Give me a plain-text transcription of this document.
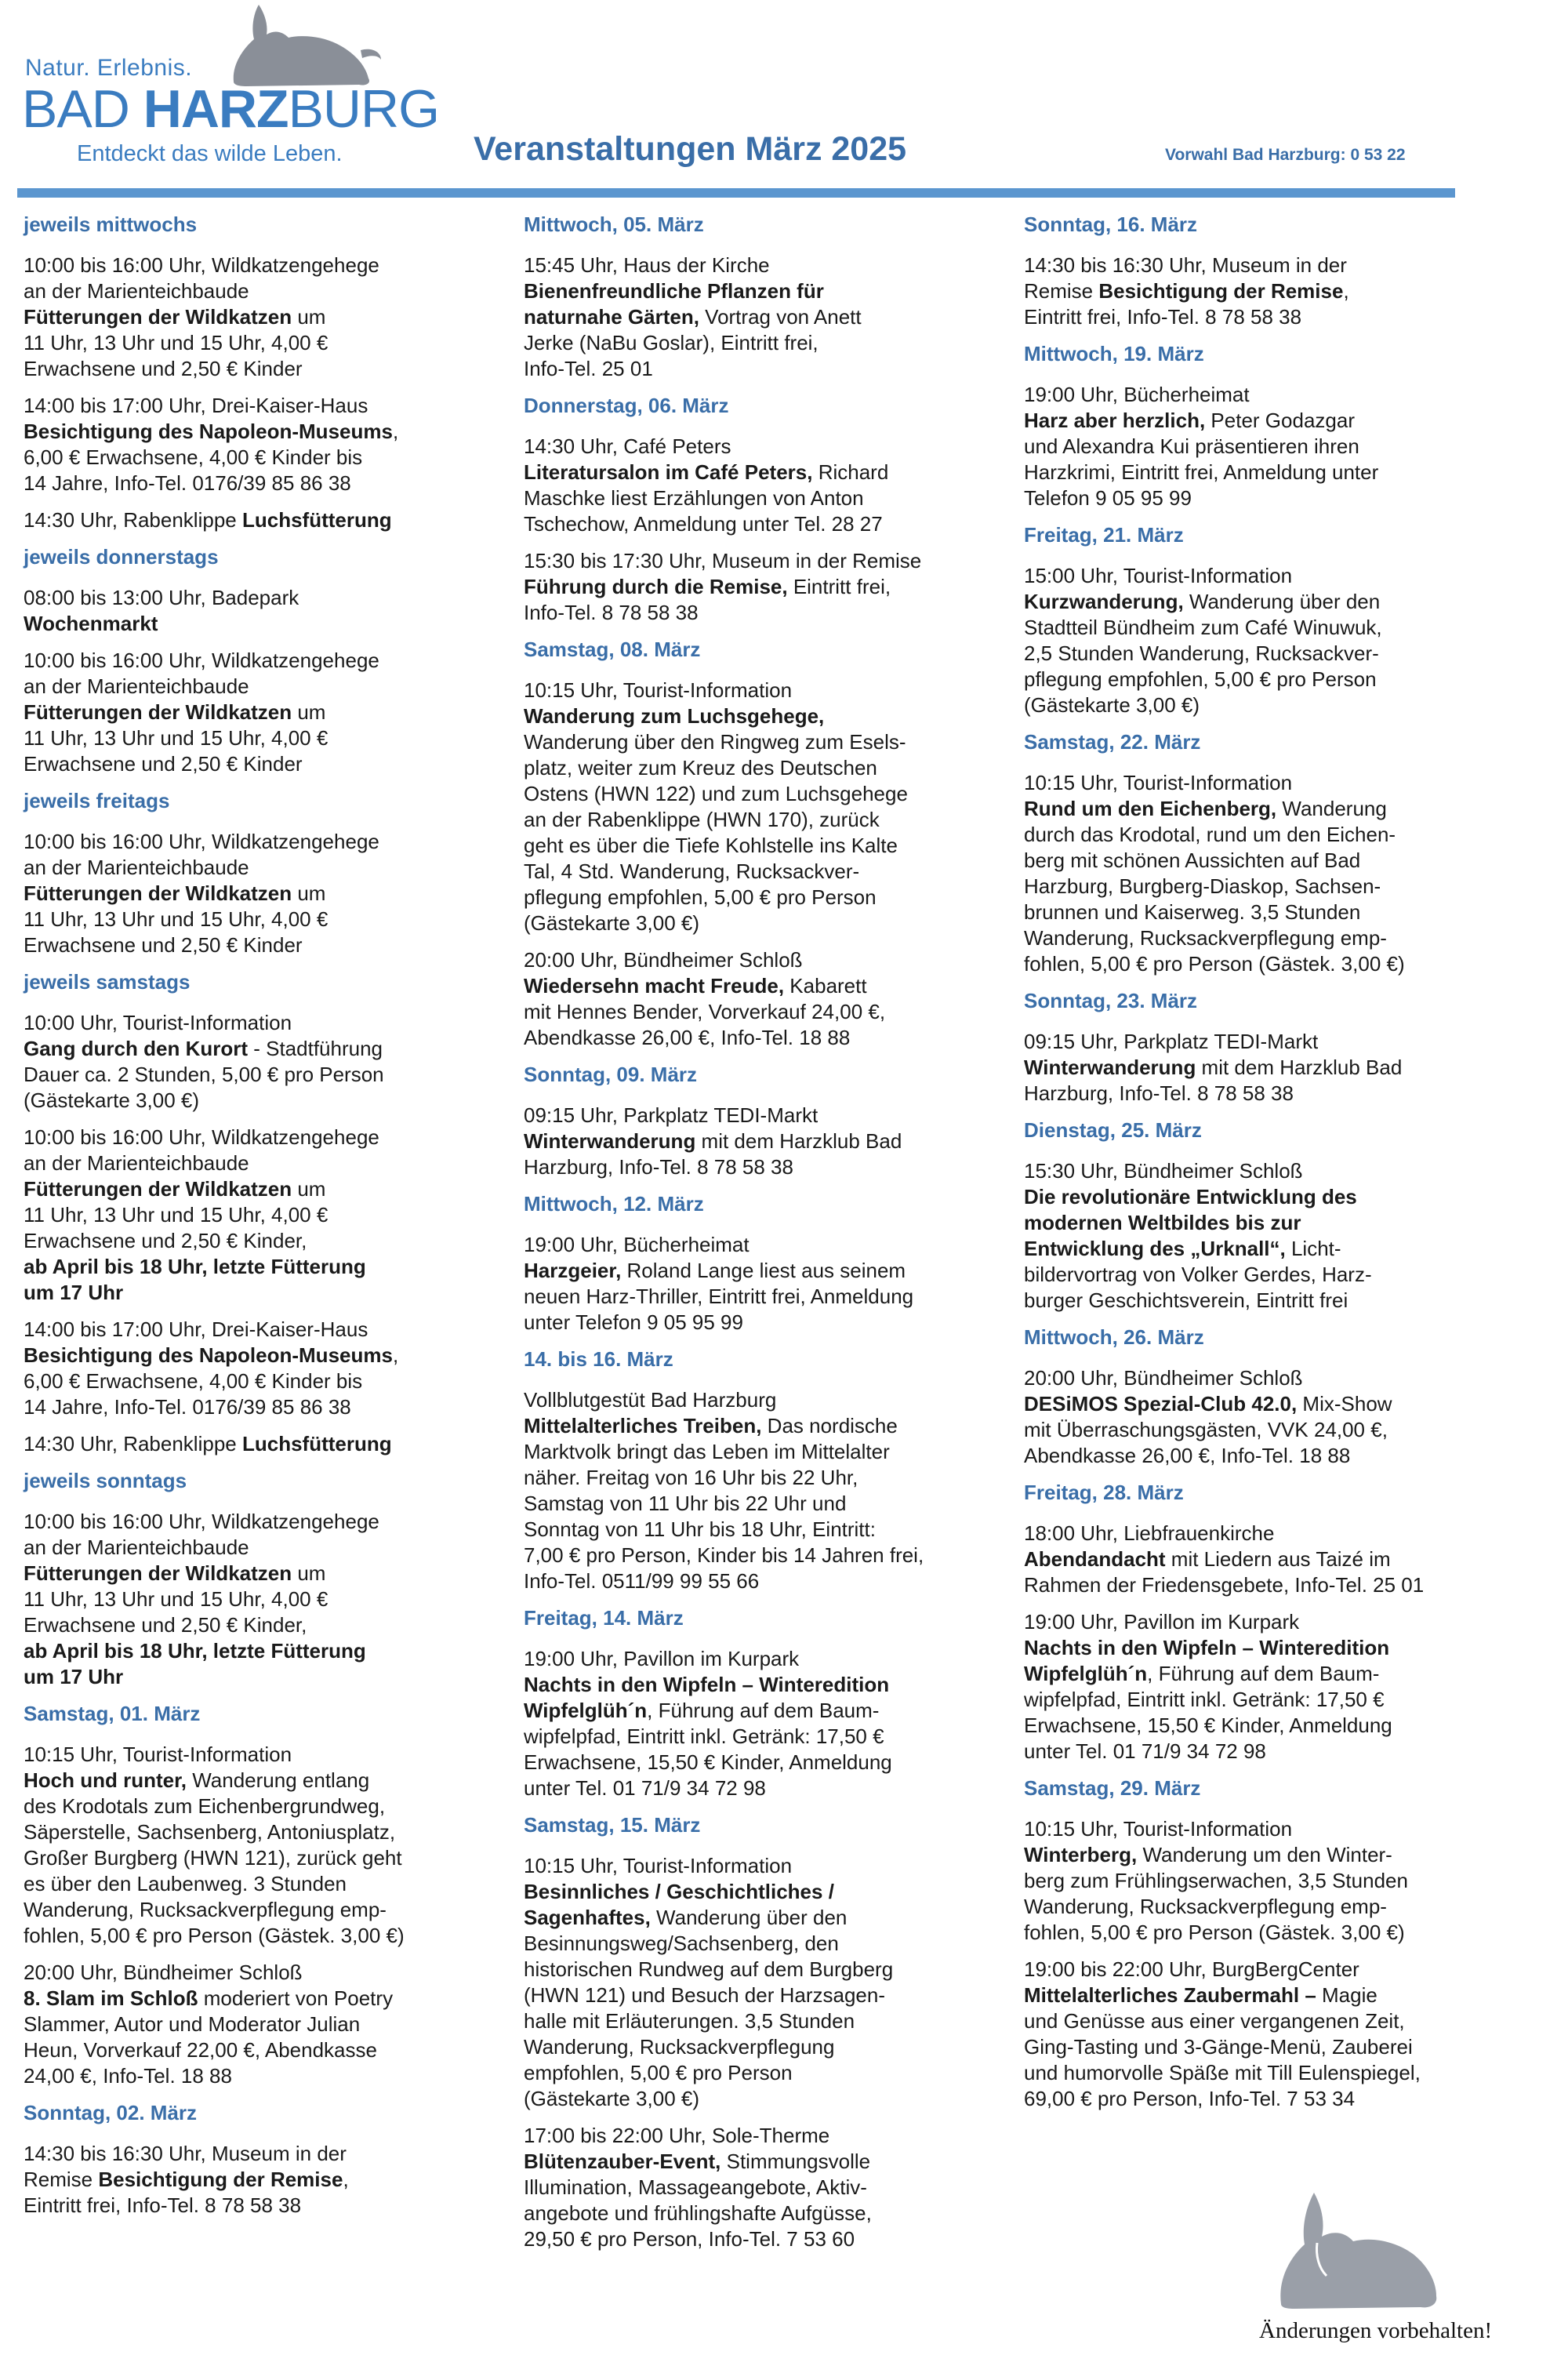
Natur. Erlebnis.
BAD HARZBURG
Entdeckt das wilde Leben.	Veranstaltungen März 2025	Vorwahl Bad Harzburg: 0 53 22
jeweils mittwochs
10:00 bis 16:00 Uhr, Wildkatzengehege
an der Marienteichbaude
Fütterungen der Wildkatzen um
11 Uhr, 13 Uhr und 15 Uhr, 4,00 €
Erwachsene und 2,50 € Kinder
14:00 bis 17:00 Uhr, Drei-Kaiser-Haus
Besichtigung des Napoleon-Museums,
6,00 € Erwachsene, 4,00 € Kinder bis
14 Jahre, Info-Tel. 0176/39 85 86 38
14:30 Uhr, Rabenklippe Luchsfütterung
jeweils donnerstags
08:00 bis 13:00 Uhr, Badepark
Wochenmarkt
10:00 bis 16:00 Uhr, Wildkatzengehege
an der Marienteichbaude
Fütterungen der Wildkatzen um
11 Uhr, 13 Uhr und 15 Uhr, 4,00 €
Erwachsene und 2,50 € Kinder
jeweils freitags
10:00 bis 16:00 Uhr, Wildkatzengehege
an der Marienteichbaude
Fütterungen der Wildkatzen um
11 Uhr, 13 Uhr und 15 Uhr, 4,00 €
Erwachsene und 2,50 € Kinder
jeweils samstags
10:00 Uhr, Tourist-Information
Gang durch den Kurort - Stadtführung
Dauer ca. 2 Stunden, 5,00 € pro Person
(Gästekarte 3,00 €)
10:00 bis 16:00 Uhr, Wildkatzengehege
an der Marienteichbaude
Fütterungen der Wildkatzen um
11 Uhr, 13 Uhr und 15 Uhr, 4,00 €
Erwachsene und 2,50 € Kinder,
ab April bis 18 Uhr, letzte Fütterung
um 17 Uhr
14:00 bis 17:00 Uhr, Drei-Kaiser-Haus
Besichtigung des Napoleon-Museums,
6,00 € Erwachsene, 4,00 € Kinder bis
14 Jahre, Info-Tel. 0176/39 85 86 38
14:30 Uhr, Rabenklippe Luchsfütterung
jeweils sonntags
10:00 bis 16:00 Uhr, Wildkatzengehege
an der Marienteichbaude
Fütterungen der Wildkatzen um
11 Uhr, 13 Uhr und 15 Uhr, 4,00 €
Erwachsene und 2,50 € Kinder,
ab April bis 18 Uhr, letzte Fütterung
um 17 Uhr
Samstag, 01. März
10:15 Uhr, Tourist-Information
Hoch und runter, Wanderung entlang
des Krodotals zum Eichenbergrundweg,
Säperstelle, Sachsenberg, Antoniusplatz,
Großer Burgberg (HWN 121), zurück geht
es über den Laubenweg. 3 Stunden
Wanderung, Rucksackverpflegung emp-
fohlen, 5,00 € pro Person (Gästek. 3,00 €)
20:00 Uhr, Bündheimer Schloß
8. Slam im Schloß moderiert von Poetry
Slammer, Autor und Moderator Julian
Heun, Vorverkauf 22,00 €, Abendkasse
24,00 €, Info-Tel. 18 88
Sonntag, 02. März
14:30 bis 16:30 Uhr, Museum in der
Remise Besichtigung der Remise,
Eintritt frei, Info-Tel. 8 78 58 38
Mittwoch, 05. März
15:45 Uhr, Haus der Kirche
Bienenfreundliche Pflanzen für
naturnahe Gärten, Vortrag von Anett
Jerke (NaBu Goslar), Eintritt frei,
Info-Tel. 25 01
Donnerstag, 06. März
14:30 Uhr, Café Peters
Literatursalon im Café Peters, Richard
Maschke liest Erzählungen von Anton
Tschechow, Anmeldung unter Tel. 28 27
15:30 bis 17:30 Uhr, Museum in der Remise
Führung durch die Remise, Eintritt frei,
Info-Tel. 8 78 58 38
Samstag, 08. März
10:15 Uhr, Tourist-Information
Wanderung zum Luchsgehege,
Wanderung über den Ringweg zum Esels-
platz, weiter zum Kreuz des Deutschen
Ostens (HWN 122) und zum Luchsgehege
an der Rabenklippe (HWN 170), zurück
geht es über die Tiefe Kohlstelle ins Kalte
Tal, 4 Std. Wanderung, Rucksackver-
pflegung empfohlen, 5,00 € pro Person
(Gästekarte 3,00 €)
20:00 Uhr, Bündheimer Schloß
Wiedersehn macht Freude, Kabarett
mit Hennes Bender, Vorverkauf 24,00 €,
Abendkasse 26,00 €, Info-Tel. 18 88
Sonntag, 09. März
09:15 Uhr, Parkplatz TEDI-Markt
Winterwanderung mit dem Harzklub Bad
Harzburg, Info-Tel. 8 78 58 38
Mittwoch, 12. März
19:00 Uhr, Bücherheimat
Harzgeier, Roland Lange liest aus seinem
neuen Harz-Thriller, Eintritt frei, Anmeldung
unter Telefon 9 05 95 99
14. bis 16. März
Vollblutgestüt Bad Harzburg
Mittelalterliches Treiben, Das nordische
Marktvolk bringt das Leben im Mittelalter
näher. Freitag von 16 Uhr bis 22 Uhr,
Samstag von 11 Uhr bis 22 Uhr und
Sonntag von 11 Uhr bis 18 Uhr, Eintritt:
7,00 € pro Person, Kinder bis 14 Jahren frei,
Info-Tel. 0511/99 99 55 66
Freitag, 14. März
19:00 Uhr, Pavillon im Kurpark
Nachts in den Wipfeln – Winteredition
Wipfelglüh´n, Führung auf dem Baum-
wipfelpfad, Eintritt inkl. Getränk: 17,50 €
Erwachsene, 15,50 € Kinder, Anmeldung
unter Tel. 01 71/9 34 72 98
Samstag, 15. März
10:15 Uhr, Tourist-Information
Besinnliches / Geschichtliches /
Sagenhaftes, Wanderung über den
Besinnungsweg/Sachsenberg, den
historischen Rundweg auf dem Burgberg
(HWN 121) und Besuch der Harzsagen-
halle mit Erläuterungen. 3,5 Stunden
Wanderung, Rucksackverpflegung
empfohlen, 5,00 € pro Person
(Gästekarte 3,00 €)
17:00 bis 22:00 Uhr, Sole-Therme
Blütenzauber-Event, Stimmungsvolle
Illumination, Massageangebote, Aktiv-
angebote und frühlingshafte Aufgüsse,
29,50 € pro Person, Info-Tel. 7 53 60
Sonntag, 16. März
14:30 bis 16:30 Uhr, Museum in der
Remise Besichtigung der Remise,
Eintritt frei, Info-Tel. 8 78 58 38
Mittwoch, 19. März
19:00 Uhr, Bücherheimat
Harz aber herzlich, Peter Godazgar
und Alexandra Kui präsentieren ihren
Harzkrimi, Eintritt frei, Anmeldung unter
Telefon 9 05 95 99
Freitag, 21. März
15:00 Uhr, Tourist-Information
Kurzwanderung, Wanderung über den
Stadtteil Bündheim zum Café Winuwuk,
2,5 Stunden Wanderung, Rucksackver-
pflegung empfohlen, 5,00 € pro Person
(Gästekarte 3,00 €)
Samstag, 22. März
10:15 Uhr, Tourist-Information
Rund um den Eichenberg, Wanderung
durch das Krodotal, rund um den Eichen-
berg mit schönen Aussichten auf Bad
Harzburg, Burgberg-Diaskop, Sachsen-
brunnen und Kaiserweg. 3,5 Stunden
Wanderung, Rucksackverpflegung emp-
fohlen, 5,00 € pro Person (Gästek. 3,00 €)
Sonntag, 23. März
09:15 Uhr, Parkplatz TEDI-Markt
Winterwanderung mit dem Harzklub Bad
Harzburg, Info-Tel. 8 78 58 38
Dienstag, 25. März
15:30 Uhr, Bündheimer Schloß
Die revolutionäre Entwicklung des
modernen Weltbildes bis zur
Entwicklung des „Urknall“, Licht-
bildervortrag von Volker Gerdes, Harz-
burger Geschichtsverein, Eintritt frei
Mittwoch, 26. März
20:00 Uhr, Bündheimer Schloß
DESiMOS Spezial-Club 42.0, Mix-Show
mit Überraschungsgästen, VVK 24,00 €,
Abendkasse 26,00 €, Info-Tel. 18 88
Freitag, 28. März
18:00 Uhr, Liebfrauenkirche
Abendandacht mit Liedern aus Taizé im
Rahmen der Friedensgebete, Info-Tel. 25 01
19:00 Uhr, Pavillon im Kurpark
Nachts in den Wipfeln – Winteredition
Wipfelglüh´n, Führung auf dem Baum-
wipfelpfad, Eintritt inkl. Getränk: 17,50 €
Erwachsene, 15,50 € Kinder, Anmeldung
unter Tel. 01 71/9 34 72 98
Samstag, 29. März
10:15 Uhr, Tourist-Information
Winterberg, Wanderung um den Winter-
berg zum Frühlingserwachen, 3,5 Stunden
Wanderung, Rucksackverpflegung emp-
fohlen, 5,00 € pro Person (Gästek. 3,00 €)
19:00 bis 22:00 Uhr, BurgBergCenter
Mittelalterliches Zaubermahl – Magie
und Genüsse aus einer vergangenen Zeit,
Ging-Tasting und 3-Gänge-Menü, Zauberei
und humorvolle Späße mit Till Eulenspiegel,
69,00 € pro Person, Info-Tel. 7 53 34
Änderungen vorbehalten!
